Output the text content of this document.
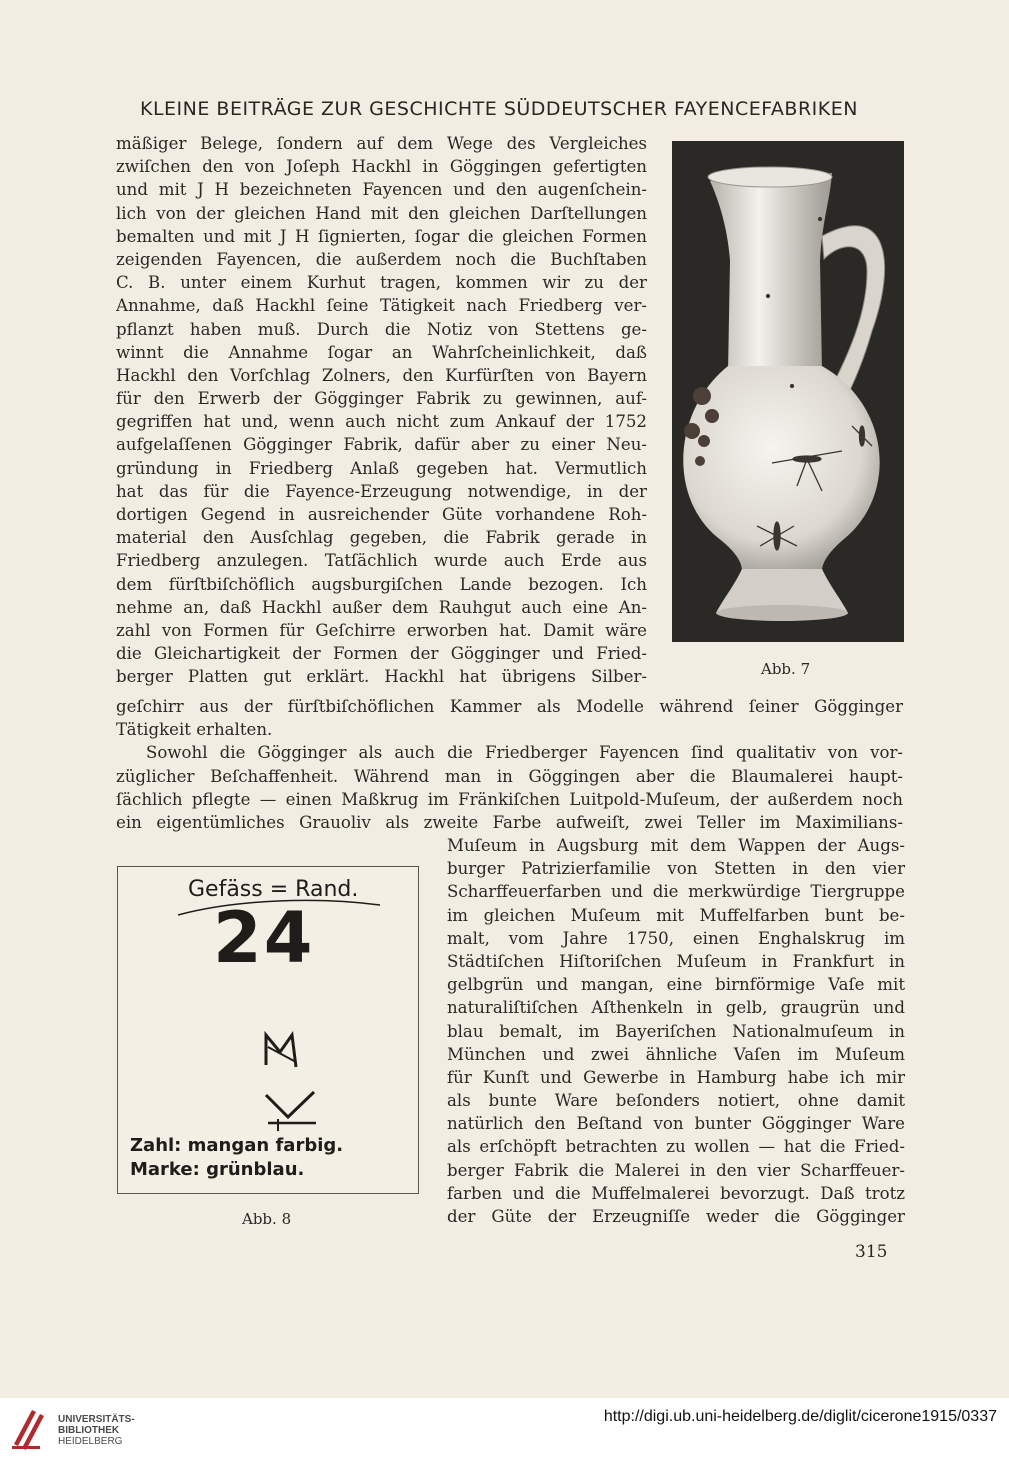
KLEINE BEITRÄGE ZUR GESCHICHTE SÜDDEUTSCHER FAYENCEFABRIKEN
mäßiger Belege, ſondern auf dem Wege des Vergleiches
zwiſchen den von Joſeph Hackhl in Göggingen gefertigten
und mit J H bezeichneten Fayencen und den augenſchein-
lich von der gleichen Hand mit den gleichen Darſtellungen
bemalten und mit J H ſignierten, ſogar die gleichen Formen
zeigenden Fayencen, die außerdem noch die Buchſtaben
C. B. unter einem Kurhut tragen, kommen wir zu der
Annahme, daß Hackhl ſeine Tätigkeit nach Friedberg ver-
pflanzt haben muß. Durch die Notiz von Stettens ge-
winnt die Annahme ſogar an Wahrſcheinlichkeit, daß
Hackhl den Vorſchlag Zolners, den Kurfürſten von Bayern
für den Erwerb der Gögginger Fabrik zu gewinnen, auf-
gegriffen hat und, wenn auch nicht zum Ankauf der 1752
aufgelaſſenen Gögginger Fabrik, dafür aber zu einer Neu-
gründung in Friedberg Anlaß gegeben hat. Vermutlich
hat das für die Fayence-Erzeugung notwendige, in der
dortigen Gegend in ausreichender Güte vorhandene Roh-
material den Ausſchlag gegeben, die Fabrik gerade in
Friedberg anzulegen. Tatſächlich wurde auch Erde aus
dem fürſtbiſchöflich augsburgiſchen Lande bezogen. Ich
nehme an, daß Hackhl außer dem Rauhgut auch eine An-
zahl von Formen für Geſchirre erworben hat. Damit wäre
die Gleichartigkeit der Formen der Gögginger und Fried-
berger Platten gut erklärt. Hackhl hat übrigens Silber-	Abb. 7
geſchirr aus der fürſtbiſchöflichen Kammer als Modelle während ſeiner Gögginger
Tätigkeit erhalten.
Sowohl die Gögginger als auch die Friedberger Fayencen ſind qualitativ von vor-
züglicher Beſchaffenheit. Während man in Göggingen aber die Blaumalerei haupt-
ſächlich pflegte — einen Maßkrug im Fränkiſchen Luitpold-Muſeum, der außerdem noch
ein eigentümliches Grauoliv als zweite Farbe aufweiſt, zwei Teller im Maximilians-
Muſeum in Augsburg mit dem Wappen der Augs-
burger Patrizierfamilie von Stetten in den vier
Scharffeuerfarben und die merkwürdige Tiergruppe
im gleichen Muſeum mit Muffelfarben bunt be-
malt, vom Jahre 1750, einen Enghalskrug im
Städtiſchen Hiſtoriſchen Muſeum in Frankfurt in
gelbgrün und mangan, eine birnförmige Vaſe mit
naturaliſtiſchen Aſthenkeln in gelb, graugrün und
blau bemalt, im Bayeriſchen Nationalmuſeum in
München und zwei ähnliche Vaſen im Muſeum
für Kunſt und Gewerbe in Hamburg habe ich mir
als bunte Ware beſonders notiert, ohne damit
natürlich den Beſtand von bunter Gögginger Ware
als erſchöpft betrachten zu wollen — hat die Fried-
berger Fabrik die Malerei in den vier Scharffeuer-
farben und die Muffelmalerei bevorzugt. Daß trotz
der Güte der Erzeugniſſe weder die Gögginger
Gefäss = Rand.
24
Zahl: mangan farbig.
Marke: grünblau.
Abb. 8
315
UNIVERSITÄTS-
BIBLIOTHEK
HEIDELBERG
http://digi.ub.uni-heidelberg.de/diglit/cicerone1915/0337
